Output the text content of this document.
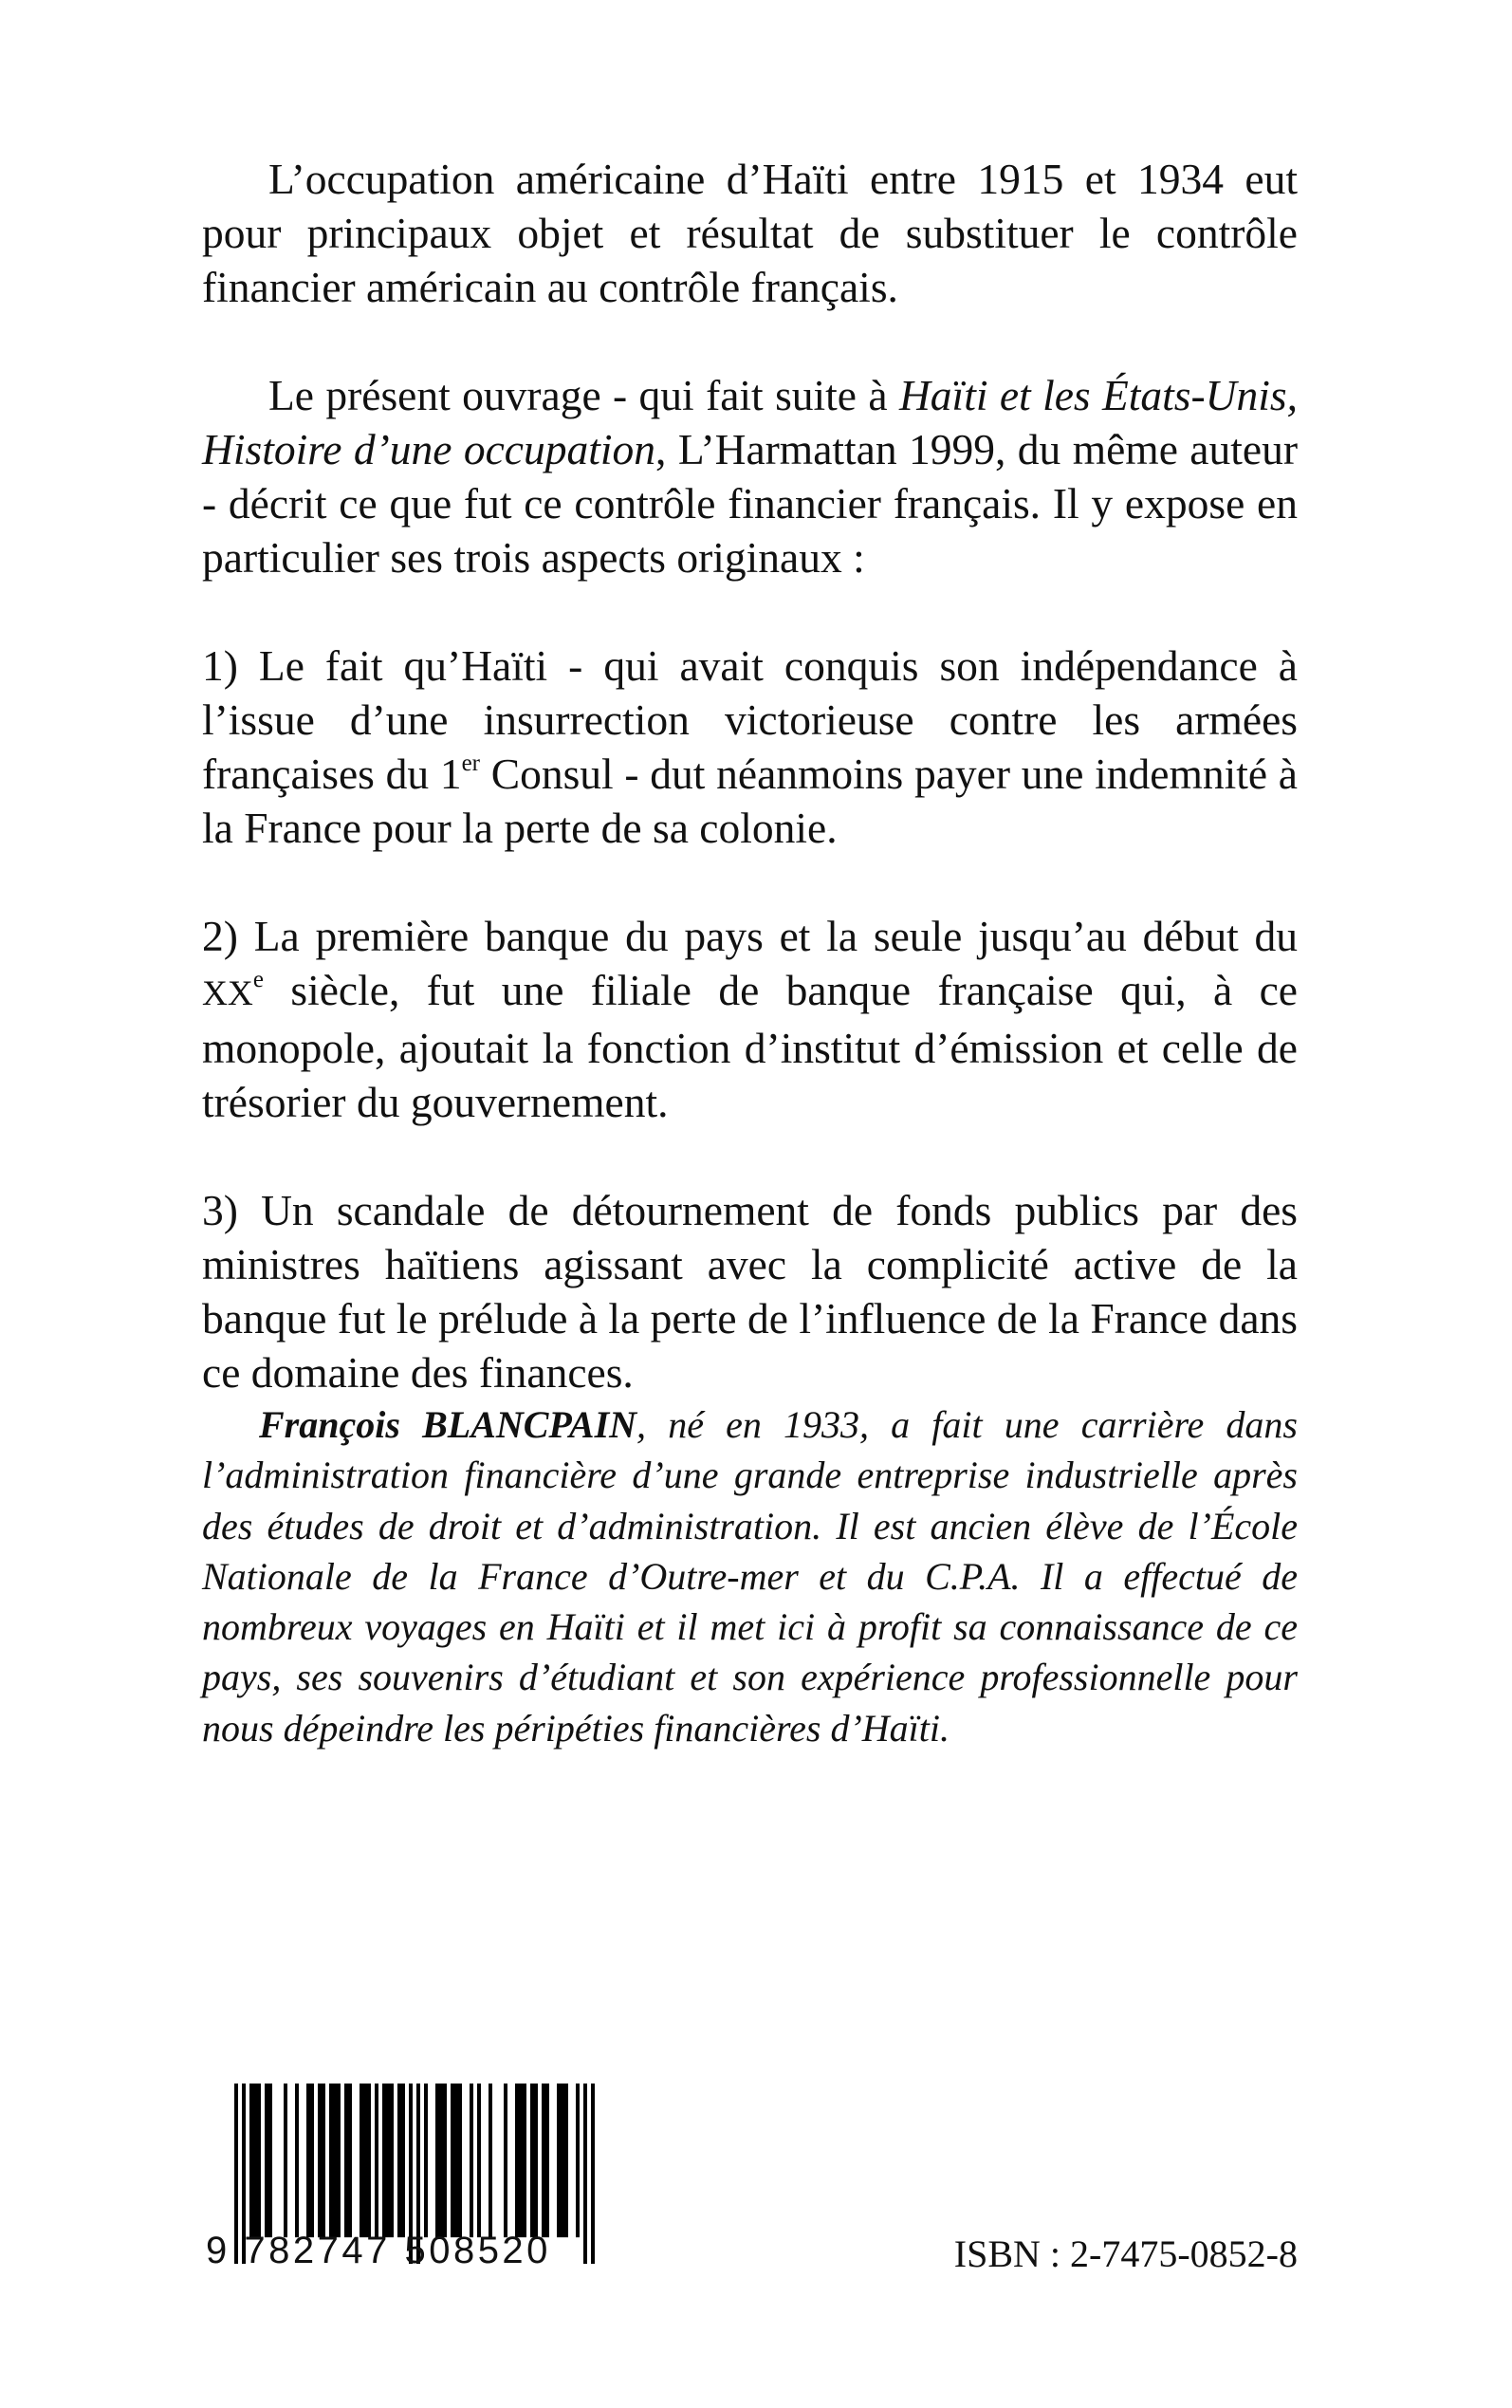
L’occupation américaine d’Haïti entre 1915 et 1934 eut pour principaux objet et résultat de substituer le contrôle financier américain au contrôle français.

Le présent ouvrage - qui fait suite à Haïti et les États-Unis, Histoire d’une occupation, L’Harmattan 1999, du même auteur - décrit ce que fut ce contrôle financier français. Il y expose en particulier ses trois aspects originaux :

1) Le fait qu’Haïti - qui avait conquis son indépendance à l’issue d’une insurrection victorieuse contre les armées françaises du 1er Consul - dut néanmoins payer une indemnité à la France pour la perte de sa colonie.

2) La première banque du pays et la seule jusqu’au début du XXe siècle, fut une filiale de banque française qui, à ce monopole, ajoutait la fonction d’institut d’émission et celle de trésorier du gouvernement.

3) Un scandale de détournement de fonds publics par des ministres haïtiens agissant avec la complicité active de la banque fut le prélude à la perte de l’influence de la France dans ce domaine des finances.

François BLANCPAIN, né en 1933, a fait une carrière dans l’administration financière d’une grande entreprise industrielle après des études de droit et d’administration. Il est ancien élève de l’École Nationale de la France d’Outre-mer et du C.P.A. Il a effectué de nombreux voyages en Haïti et il met ici à profit sa connaissance de ce pays, ses souvenirs d’étudiant et son expérience professionnelle pour nous dépeindre les péripéties financières d’Haïti.

9 782747 508520	ISBN : 2-7475-0852-8
